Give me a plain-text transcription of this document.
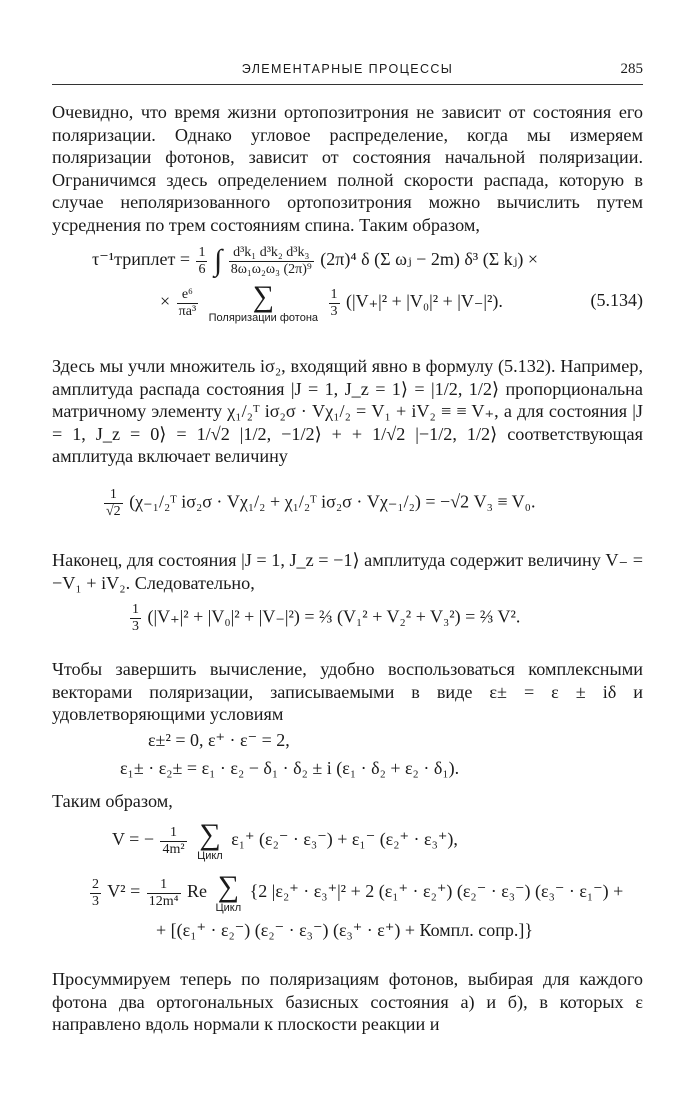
ЭЛЕМЕНТАРНЫЕ ПРОЦЕССЫ	285

Очевидно, что время жизни ортопозитрония не зависит от состояния его поляризации. Однако угловое распределение, когда мы измеряем поляризации фотонов, зависит от состояния начальной поляризации. Ограничимся здесь определением полной скорости распада, которую в случае неполяризованного ортопозитрония можно вычислить путем усреднения по трем состояниям спина. Таким образом,

τ⁻¹триплет = $\frac{1}{6}$ ∫ $\frac{\text{d³k₁ d³k₂ d³k₃}}{\text{8ω₁ω₂ω₃ (2π)⁹}} (2\pi)^4$ δ (Σ ωⱼ − 2m) δ³ (Σ kⱼ) ×
× $\frac{\text{e⁶}}{\text{πa³}}$
	∑
Поляризации фотона
$\frac{1}{3} (|V_+|^2 + |V_0|^2 + |V_-|^2)$.	(5.134)

Здесь мы учли множитель iσ₂, входящий явно в формулу (5.132). Например, амплитуда распада состояния |J = 1, J_z = 1⟩ = |1/2, 1/2⟩ пропорциональна матричному элементу χ₁/₂ᵀ iσ₂σ · Vχ₁/₂ = V₁ + iV₂ ≡ ≡ V₊, а для состояния |J = 1, J_z = 0⟩ = 1/√2 |1/2, −1/2⟩ + + 1/√2 |−1/2, 1/2⟩ соответствующая амплитуда включает величину

$\frac{1}{√2}$ (χ₋₁/₂ᵀ iσ₂σ · Vχ₁/₂ + χ₁/₂ᵀ iσ₂σ · Vχ₋₁/₂) = −√2 V₃ ≡ V₀.

Наконец, для состояния |J = 1, J_z = −1⟩ амплитуда содержит величину V₋ = −V₁ + iV₂. Следовательно,

$\frac{1}{3} (|V_+|^2 + |V_0|^2 + |V_-|^2)$ = ⅔ (V₁² + V₂² + V₃²) = ⅔ V².

Чтобы завершить вычисление, удобно воспользоваться комплексными векторами поляризации, записываемыми в виде ε± = ε ± iδ и удовлетворяющими условиям

ε±² = 0, ε⁺ · ε⁻ = 2,
ε₁± · ε₂± = ε₁ · ε₂ − δ₁ · δ₂ ± i (ε₁ · δ₂ + ε₂ · δ₁).

Таким образом,

V = − $\frac{1}{\text{4m²}}$
∑
Цикл
ε₁⁺ (ε₂⁻ · ε₃⁻) + ε₁⁻ (ε₂⁺ · ε₃⁺),
$\frac{2}{3} V^2 = \frac{1}{\text{12m⁴}}$ Re ∑
Цикл
{2 |ε₂⁺ · ε₃⁺|² + 2 (ε₁⁺ · ε₂⁺) (ε₂⁻ · ε₃⁻) (ε₃⁻ · ε₁⁻) +
+ [(ε₁⁺ · ε₂⁻) (ε₂⁻ · ε₃⁻) (ε₃⁺ · ε⁺) + Компл. сопр.]}

Просуммируем теперь по поляризациям фотонов, выбирая для каждого фотона два ортогональных базисных состояния а) и б), в которых ε направлено вдоль нормали к плоскости реакции и
